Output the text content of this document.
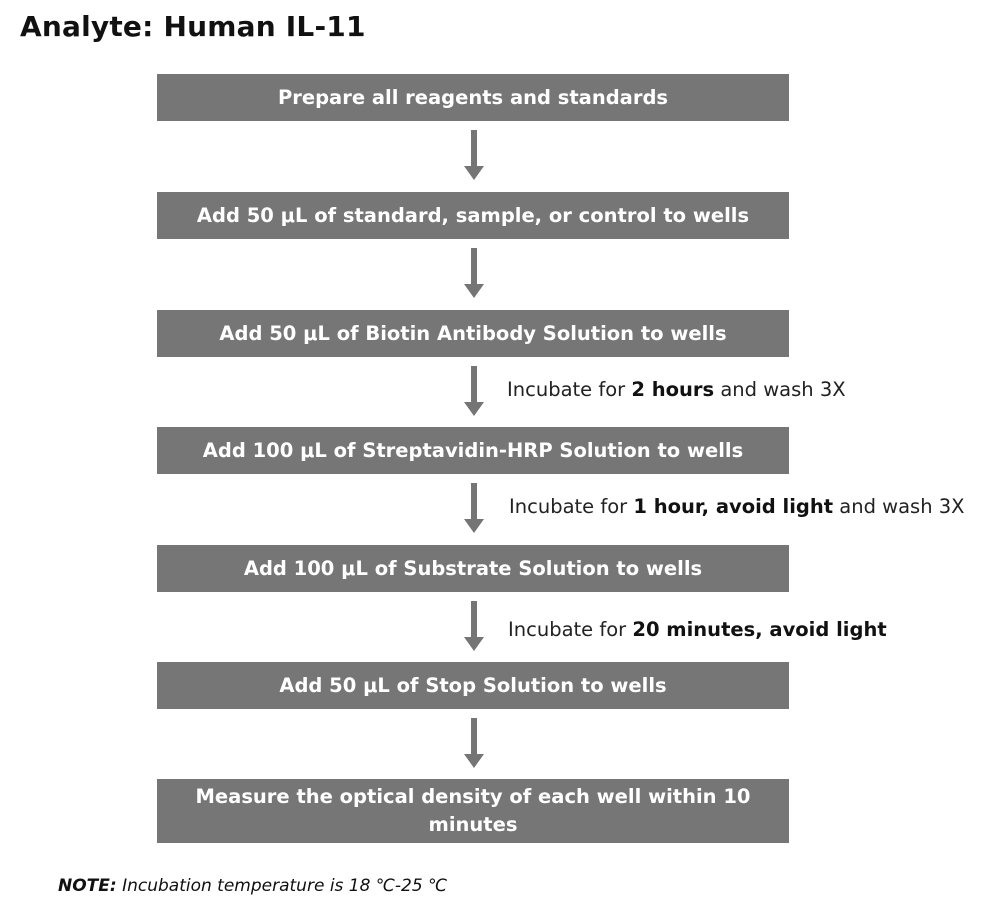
Analyte: Human IL-11
Prepare all reagents and standards
Add 50 μL of standard, sample, or control to wells
Add 50 μL of Biotin Antibody Solution to wells
Add 100 μL of Streptavidin-HRP Solution to wells
Add 100 μL of Substrate Solution to wells
Add 50 μL of Stop Solution to wells
Measure the optical density of each well within 10 minutes
Incubate for 2 hours and wash 3X
Incubate for 1 hour, avoid light and wash 3X
Incubate for 20 minutes, avoid light
NOTE: Incubation temperature is 18 ℃-25 ℃
